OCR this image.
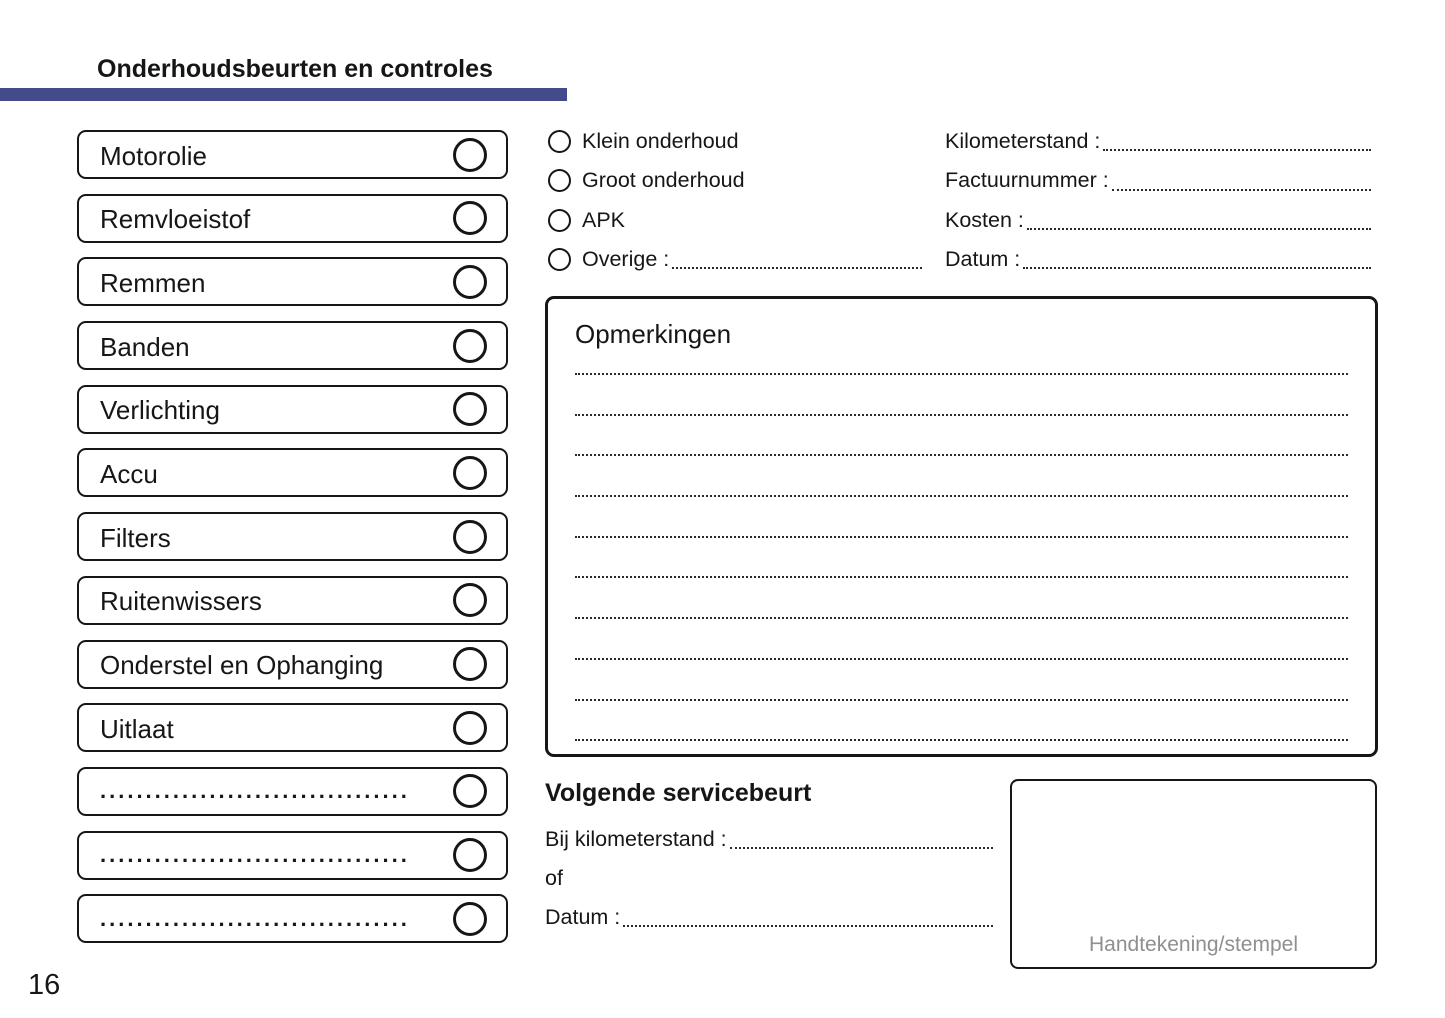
Onderhoudsbeurten en controles
Motorolie
Remvloeistof
Remmen
Banden
Verlichting
Accu
Filters
Ruitenwissers
Onderstel en Ophanging
Uitlaat
..................................
..................................
..................................
Klein onderhoud
Groot onderhoud
APK
Overige :
Kilometerstand :
Factuurnummer :
Kosten :
Datum :
Opmerkingen
Volgende servicebeurt
Bij kilometerstand :
of
Datum :
Handtekening/stempel
16
